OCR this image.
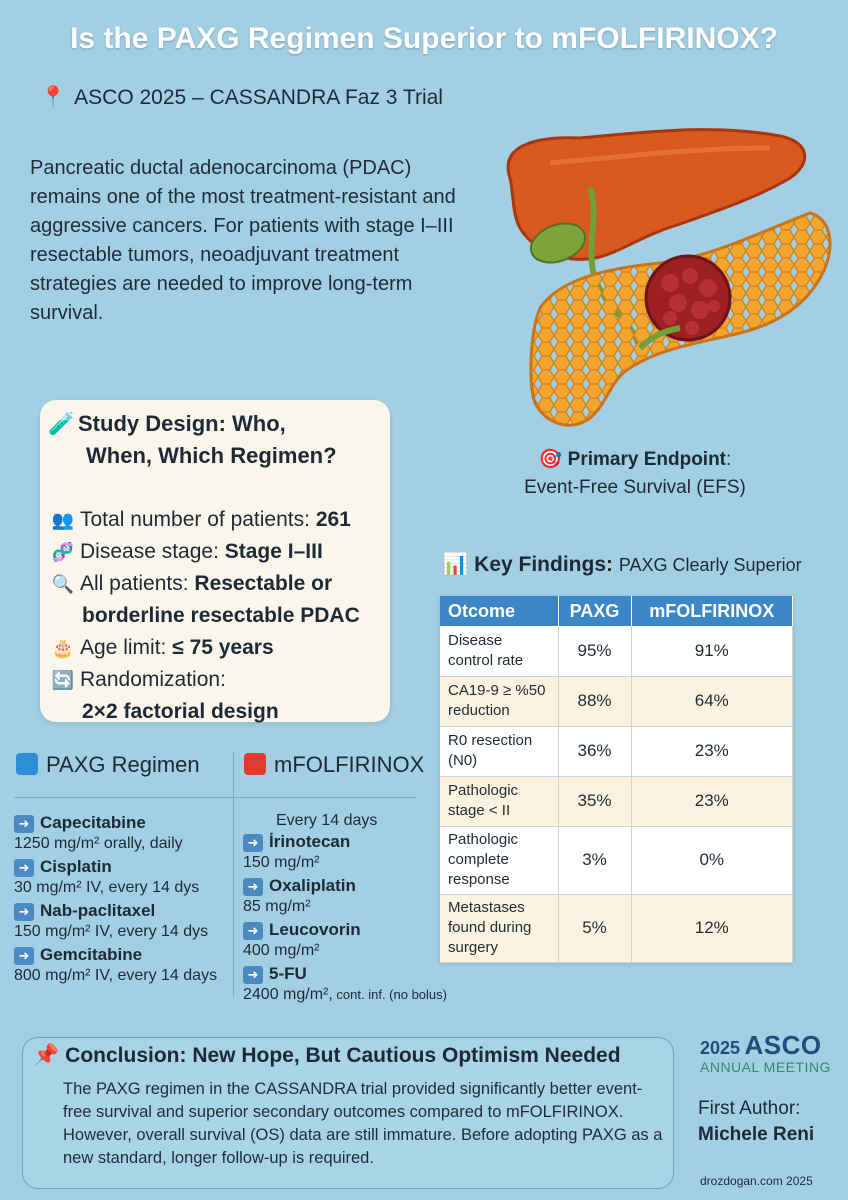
Is the PAXG Regimen Superior to mFOLFIRINOX?
📍 ASCO 2025 – CASSANDRA Faz 3 Trial
Pancreatic ductal adenocarcinoma (PDAC) remains one of the most treatment-resistant and aggressive cancers. For patients with stage I–III resectable tumors, neoadjuvant treatment strategies are needed to improve long-term survival.
🧪 Study Design: Who,
When, Which Regimen?
👥 Total number of patients: 261
🧬 Disease stage: Stage I–III
🔍 All patients: Resectable or
borderline resectable PDAC
🎂 Age limit: ≤ 75 years
🔄 Randomization:
2×2 factorial design
🎯 Primary Endpoint:
Event-Free Survival (EFS)
📊 Key Findings: PAXG Clearly Superior
Otcome	PAXG	mFOLFIRINOX
Disease control rate	95%	91%
CA19-9 ≥ %50 reduction	88%	64%
R0 resection (N0)	36%	23%
Pathologic stage < II	35%	23%
Pathologic complete response	3%	0%
Metastases found during surgery	5%	12%
PAXG Regimen	mFOLFIRINOX
➜ Capecitabine
1250 mg/m² orally, daily
➜ Cisplatin
30 mg/m² IV, every 14 dys
➜ Nab-paclitaxel
150 mg/m² IV, every 14 dys
➜ Gemcitabine
800 mg/m² IV, every 14 days
Every 14 days
➜ İrinotecan
150 mg/m²
➜ Oxaliplatin
85 mg/m²
➜ Leucovorin
400 mg/m²
➜ 5-FU
2400 mg/m², cont. inf. (no bolus)
📌 Conclusion: New Hope, But Cautious Optimism Needed
The PAXG regimen in the CASSANDRA trial provided significantly better event-free survival and superior secondary outcomes compared to mFOLFIRINOX. However, overall survival (OS) data are still immature. Before adopting PAXG as a new standard, longer follow-up is required.
2025 ASCO
ANNUAL MEETING
First Author:
Michele Reni
drozdogan.com 2025
